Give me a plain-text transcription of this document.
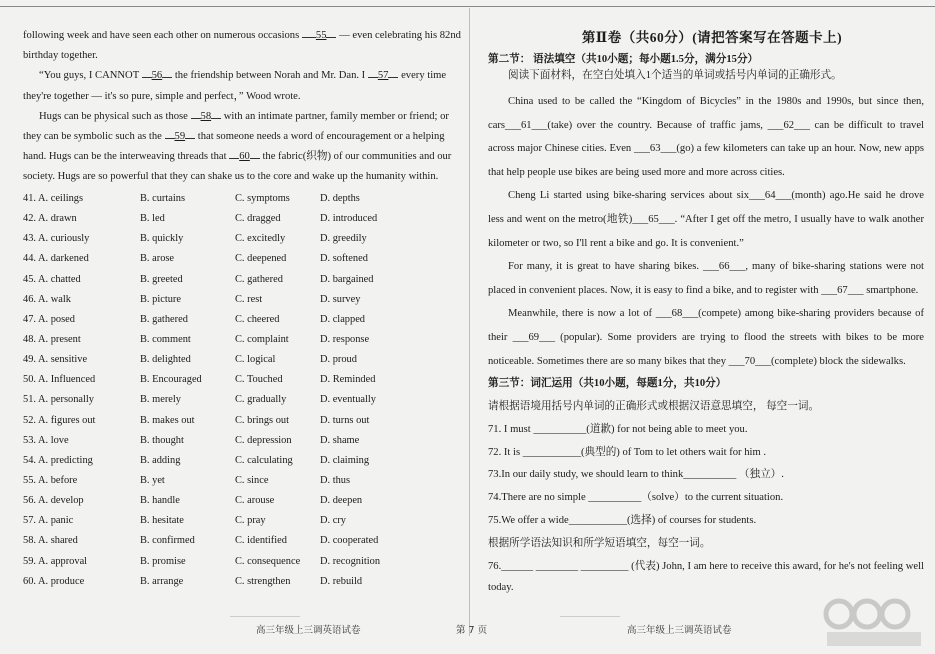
following week and have seen each other on numerous occasions 55 — even celebrating his 82nd birthday together.

“You guys, I CANNOT 56 the friendship between Norah and Mr. Dan. I 57 every time they're together — it's so pure, simple and perfect，” Wood wrote.

Hugs can be physical such as those 58 with an intimate partner, family member or friend; or they can be symbolic such as the 59 that someone needs a word of encouragement or a helping hand. Hugs can be the interweaving threads that 60 the fabric(织物) of our communities and our society. Hugs are so powerful that they can shake us to the core and wake up the humanity within.

41. A. ceilings	B. curtains	C. symptoms	D. depths
42. A. drawn	B. led	C. dragged	D. introduced
43. A. curiously	B. quickly	C. excitedly	D. greedily
44. A. darkened	B. arose	C. deepened	D. softened
45. A. chatted	B. greeted	C. gathered	D. bargained
46. A. walk	B. picture	C. rest	D. survey
47. A. posed	B. gathered	C. cheered	D. clapped
48. A. present	B. comment	C. complaint	D. response
49. A. sensitive	B. delighted	C. logical	D. proud
50. A. Influenced	B. Encouraged	C. Touched	D. Reminded
51. A. personally	B. merely	C. gradually	D. eventually
52. A. figures out	B. makes out	C. brings out	D. turns out
53. A. love	B. thought	C. depression	D. shame
54. A. predicting	B. adding	C. calculating	D. claiming
55. A. before	B. yet	C. since	D. thus
56. A. develop	B. handle	C. arouse	D. deepen
57. A. panic	B. hesitate	C. pray	D. cry
58. A. shared	B. confirmed	C. identified	D. cooperated
59. A. approval	B. promise	C. consequence D. recognition
60. A. produce	B. arrange	C. strengthen	D. rebuild
第Ⅱ卷（共60分）(请把答案写在答题卡上)

第二节： 语法填空（共10小题；每小题1.5分，满分15分）

阅读下面材料，在空白处填入1个适当的单词或括号内单词的正确形式。

China used to be called the “Kingdom of Bicycles” in the 1980s and 1990s, but since then, cars___61___(take) over the country. Because of traffic jams, ___62___ can be difficult to travel across major Chinese cities. Even ___63___(go) a few kilometers can take up an hour. Now, new apps that help people use bikes are being used more and more across cities.

Cheng Li started using bike-sharing services about six___64___(month) ago.He said he drove less and went on the metro(地铁)___65___. “After I get off the metro, I usually have to walk another kilometer or two, so I'll rent a bike and go. It is convenient.”

For many, it is great to have sharing bikes. ___66___, many of bike-sharing stations were not placed in convenient places. Now, it is easy to find a bike, and to register with ___67___ smartphone.

Meanwhile, there is now a lot of ___68___(compete) among bike-sharing providers because of their ___69___ (popular). Some providers are trying to flood the streets with bikes to be more noticeable. Sometimes there are so many bikes that they ___70___(complete) block the sidewalks.

第三节：词汇运用（共10小题，每题1分，共10分）

请根据语境用括号内单词的正确形式或根据汉语意思填空， 每空一词。

71. I must __________(道歉) for not being able to meet you.

72. It is ___________(典型的) of Tom to let others wait for him .

73.In our daily study, we should learn to think__________ （独立）.

74.There are no simple __________（solve）to the current situation.

75.We offer a wide___________(选择) of courses for students.

根据所学语法知识和所学短语填空，每空一词。

76.______ ________ _________ (代表) John, I am here to receive this award, for he's not feeling well today.

高三年级上三调英语试卷	第 7 页	高三年级上三调英语试卷
